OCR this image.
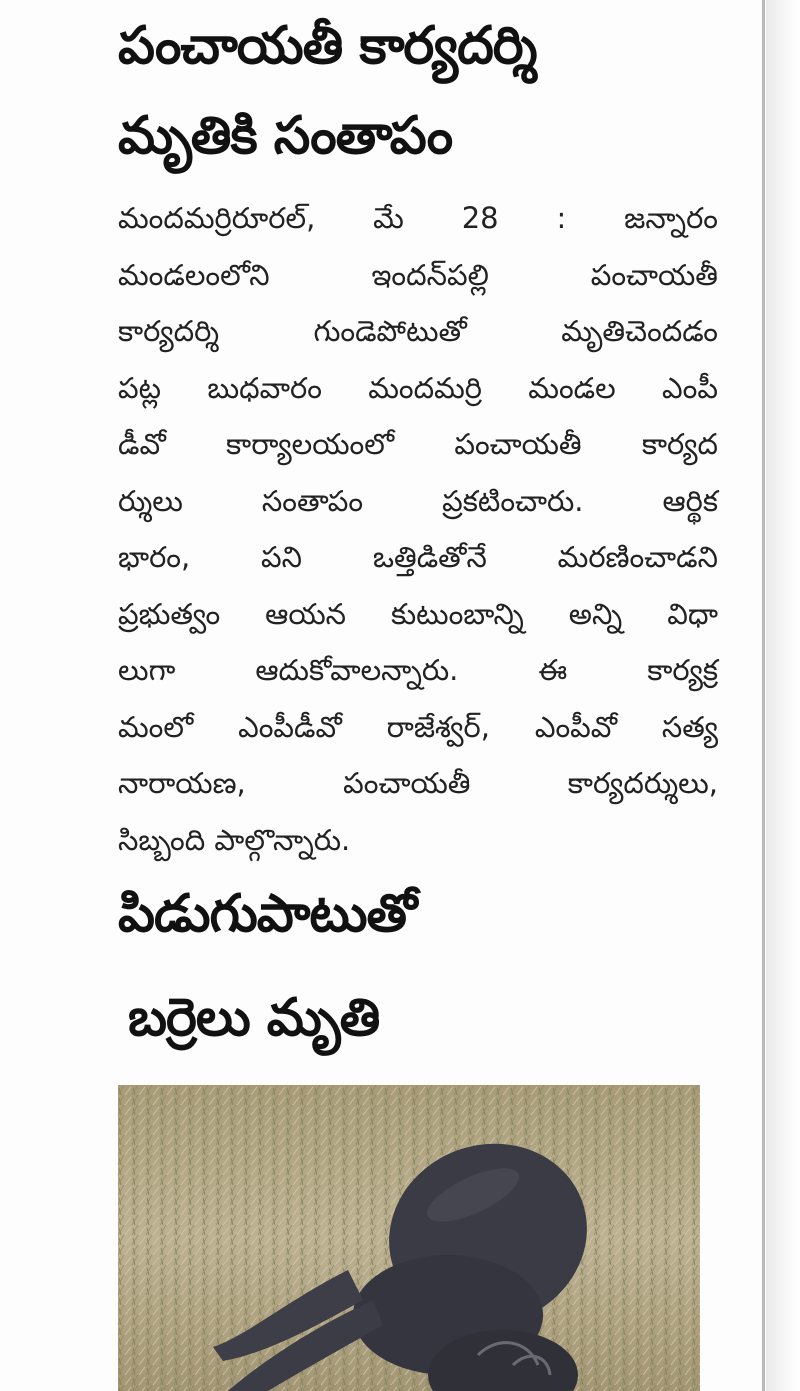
పంచాయతీ కార్యదర్శి
మృతికి సంతాపం
మందమర్రిరూరల్, మే 28 : జన్నారం
మండలంలోని ఇందన్‌పల్లి పంచాయతీ
కార్యదర్శి గుండెపోటుతో మృతిచెందడం
పట్ల బుధవారం మందమర్రి మండల ఎంపీ
డీవో కార్యాలయంలో పంచాయతీ కార్యద
ర్శులు సంతాపం ప్రకటించారు. ఆర్థిక
భారం, పని ఒత్తిడితోనే మరణించాడని
ప్రభుత్వం ఆయన కుటుంబాన్ని అన్ని విధా
లుగా ఆదుకోవాలన్నారు. ఈ కార్యక్ర
మంలో ఎంపీడీవో రాజేశ్వర్, ఎంపీవో సత్య
నారాయణ, పంచాయతీ కార్యదర్శులు,
సిబ్బంది పాల్గొన్నారు.
పిడుగుపాటుతో
బర్రెలు మృతి
